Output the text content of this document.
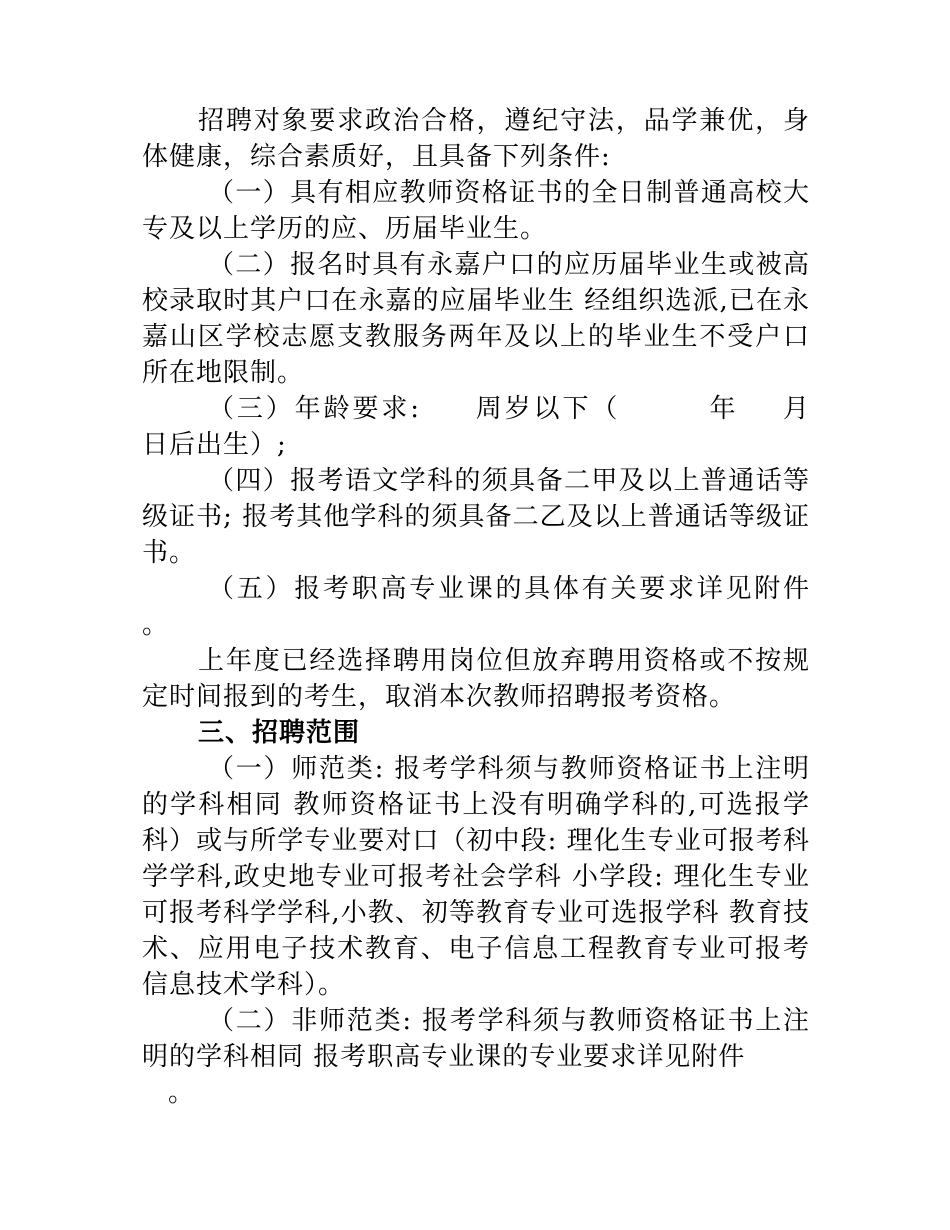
招聘对象要求政治合格，遵纪守法，品学兼优，身体健康，综合素质好，且具备下列条件:

（一）具有相应教师资格证书的全日制普通高校大专及以上学历的应、历届毕业生。

（二）报名时具有永嘉户口的应历届毕业生或被高校录取时其户口在永嘉的应届毕业生 经组织选派,已在永嘉山区学校志愿支教服务两年及以上的毕业生不受户口所在地限制。

（三）年龄要求:     周岁以下（        年    月    日后出生）;

（四）报考语文学科的须具备二甲及以上普通话等级证书; 报考其他学科的须具备二乙及以上普通话等级证书。

（五）报考职高专业课的具体有关要求详见附件   。

上年度已经选择聘用岗位但放弃聘用资格或不按规定时间报到的考生，取消本次教师招聘报考资格。

三、招聘范围

（一）师范类: 报考学科须与教师资格证书上注明的学科相同 教师资格证书上没有明确学科的,可选报学科）或与所学专业要对口（初中段: 理化生专业可报考科学学科,政史地专业可报考社会学科 小学段: 理化生专业可报考科学学科,小教、初等教育专业可选报学科 教育技术、应用电子技术教育、电子信息工程教育专业可报考信息技术学科）。

（二）非师范类: 报考学科须与教师资格证书上注明的学科相同 报考职高专业课的专业要求详见附件

。
